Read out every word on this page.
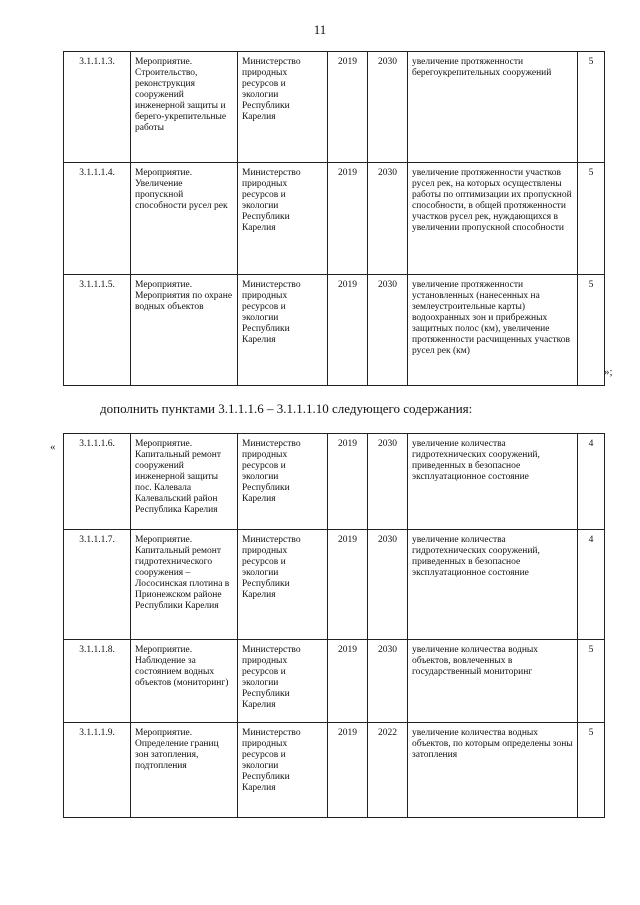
11
3.1.1.1.3.	Мероприятие. Строительство, реконструкция сооружений инженерной защиты и берего-укрепительные работы	Министерство природных ресурсов и экологии Республики Карелия	2019	2030	увеличение протяженности берегоукрепительных сооружений	5
3.1.1.1.4.	Мероприятие. Увеличение пропускной способности русел рек	Министерство природных ресурсов и экологии Республики Карелия	2019	2030	увеличение протяженности участков русел рек, на которых осуществлены работы по оптимизации их пропускной способности, в общей протяженности участков русел рек, нуждающихся в увеличении пропускной способности	5
3.1.1.1.5.	Мероприятие. Мероприятия по охране водных объектов	Министерство природных ресурсов и экологии Республики Карелия	2019	2030	увеличение протяженности установленных (нанесенных на землеустроительные карты) водоохранных зон и прибрежных защитных полос (км), увеличение протяженности расчищенных участков русел рек (км)	5
»;
дополнить пунктами 3.1.1.1.6 – 3.1.1.1.10 следующего содержания:
« 3.1.1.1.6.	Мероприятие. Капитальный ремонт сооружений инженерной защиты пос. Калевала Калевальский район Республика Карелия	Министерство природных ресурсов и экологии Республики Карелия	2019	2030	увеличение количества гидротехнических сооружений, приведенных в безопасное эксплуатационное состояние	4
3.1.1.1.7.	Мероприятие. Капитальный ремонт гидротехнического сооружения – Лососинская плотина в Прионежском районе Республики Карелия	Министерство природных ресурсов и экологии Республики Карелия	2019	2030	увеличение количества гидротехнических сооружений, приведенных в безопасное эксплуатационное состояние	4
3.1.1.1.8.	Мероприятие. Наблюдение за состоянием водных объектов (мониторинг)	Министерство природных ресурсов и экологии Республики Карелия	2019	2030	увеличение количества водных объектов, вовлеченных в государственный мониторинг	5
3.1.1.1.9.	Мероприятие. Определение границ зон затопления, подтопления	Министерство природных ресурсов и экологии Республики Карелия	2019	2022	увеличение количества водных объектов, по которым определены зоны затопления	5
